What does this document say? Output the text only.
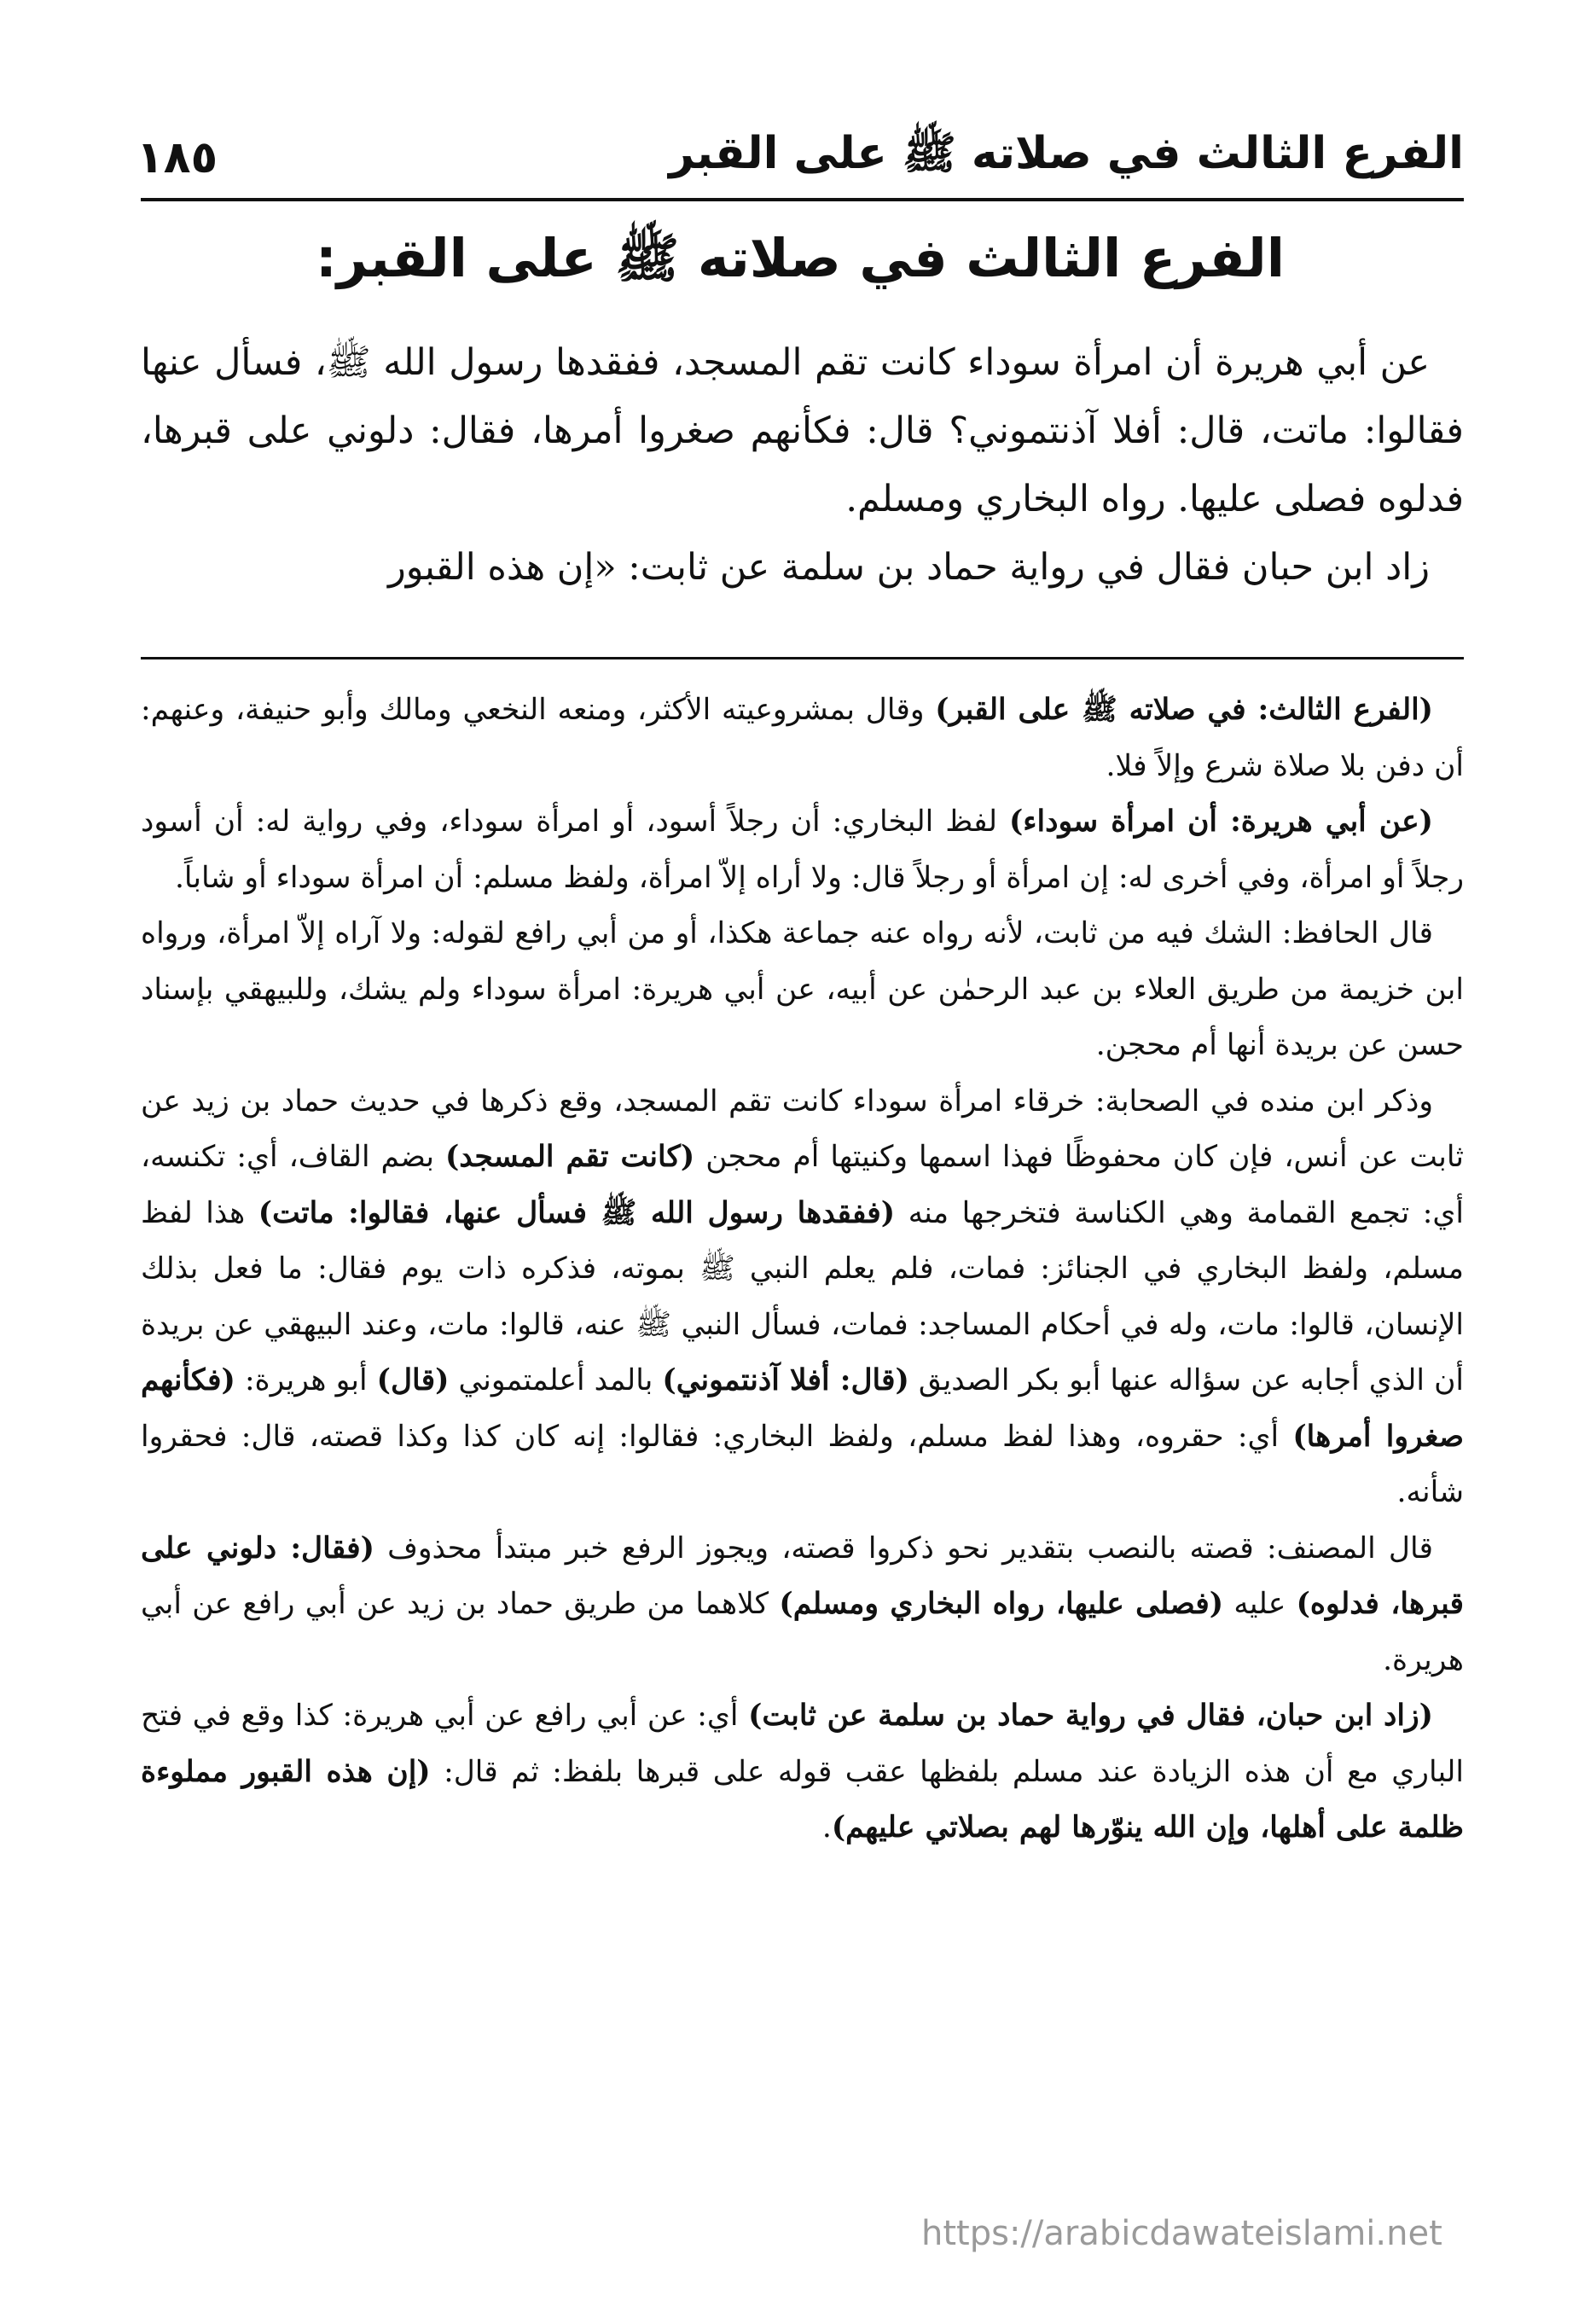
الفرع الثالث في صلاته ﷺ على القبر
١٨٥
الفرع الثالث في صلاته ﷺ على القبر:

عن أبي هريرة أن امرأة سوداء كانت تقم المسجد، ففقدها رسول الله ﷺ، فسأل عنها فقالوا: ماتت، قال: أفلا آذنتموني؟ قال: فكأنهم صغروا أمرها، فقال: دلوني على قبرها، فدلوه فصلى عليها. رواه البخاري ومسلم.

زاد ابن حبان فقال في رواية حماد بن سلمة عن ثابت: «إن هذه القبور

(الفرع الثالث: في صلاته ﷺ على القبر) وقال بمشروعيته الأكثر، ومنعه النخعي ومالك وأبو حنيفة، وعنهم: أن دفن بلا صلاة شرع وإلاً فلا.

(عن أبي هريرة: أن امرأة سوداء) لفظ البخاري: أن رجلاً أسود، أو امرأة سوداء، وفي رواية له: أن أسود رجلاً أو امرأة، وفي أخرى له: إن امرأة أو رجلاً قال: ولا أراه إلاّ امرأة، ولفظ مسلم: أن امرأة سوداء أو شاباً.

قال الحافظ: الشك فيه من ثابت، لأنه رواه عنه جماعة هكذا، أو من أبي رافع لقوله: ولا آراه إلاّ امرأة، ورواه ابن خزيمة من طريق العلاء بن عبد الرحمٰن عن أبيه، عن أبي هريرة: امرأة سوداء ولم يشك، وللبيهقي بإسناد حسن عن بريدة أنها أم محجن.

وذكر ابن منده في الصحابة: خرقاء امرأة سوداء كانت تقم المسجد، وقع ذكرها في حديث حماد بن زيد عن ثابت عن أنس، فإن كان محفوظًا فهذا اسمها وكنيتها أم محجن (كانت تقم المسجد) بضم القاف، أي: تكنسه، أي: تجمع القمامة وهي الكناسة فتخرجها منه (ففقدها رسول الله ﷺ فسأل عنها، فقالوا: ماتت) هذا لفظ مسلم، ولفظ البخاري في الجنائز: فمات، فلم يعلم النبي ﷺ بموته، فذكره ذات يوم فقال: ما فعل بذلك الإنسان، قالوا: مات، وله في أحكام المساجد: فمات، فسأل النبي ﷺ عنه، قالوا: مات، وعند البيهقي عن بريدة أن الذي أجابه عن سؤاله عنها أبو بكر الصديق (قال: أفلا آذنتموني) بالمد أعلمتموني (قال) أبو هريرة: (فكأنهم صغروا أمرها) أي: حقروه، وهذا لفظ مسلم، ولفظ البخاري: فقالوا: إنه كان كذا وكذا قصته، قال: فحقروا شأنه.

قال المصنف: قصته بالنصب بتقدير نحو ذكروا قصته، ويجوز الرفع خبر مبتدأ محذوف (فقال: دلوني على قبرها، فدلوه) عليه (فصلى عليها، رواه البخاري ومسلم) كلاهما من طريق حماد بن زيد عن أبي رافع عن أبي هريرة.

(زاد ابن حبان، فقال في رواية حماد بن سلمة عن ثابت) أي: عن أبي رافع عن أبي هريرة: كذا وقع في فتح الباري مع أن هذه الزيادة عند مسلم بلفظها عقب قوله على قبرها بلفظ: ثم قال: (إن هذه القبور مملوءة ظلمة على أهلها، وإن الله ينوّرها لهم بصلاتي عليهم).

https://arabicdawateislami.net
